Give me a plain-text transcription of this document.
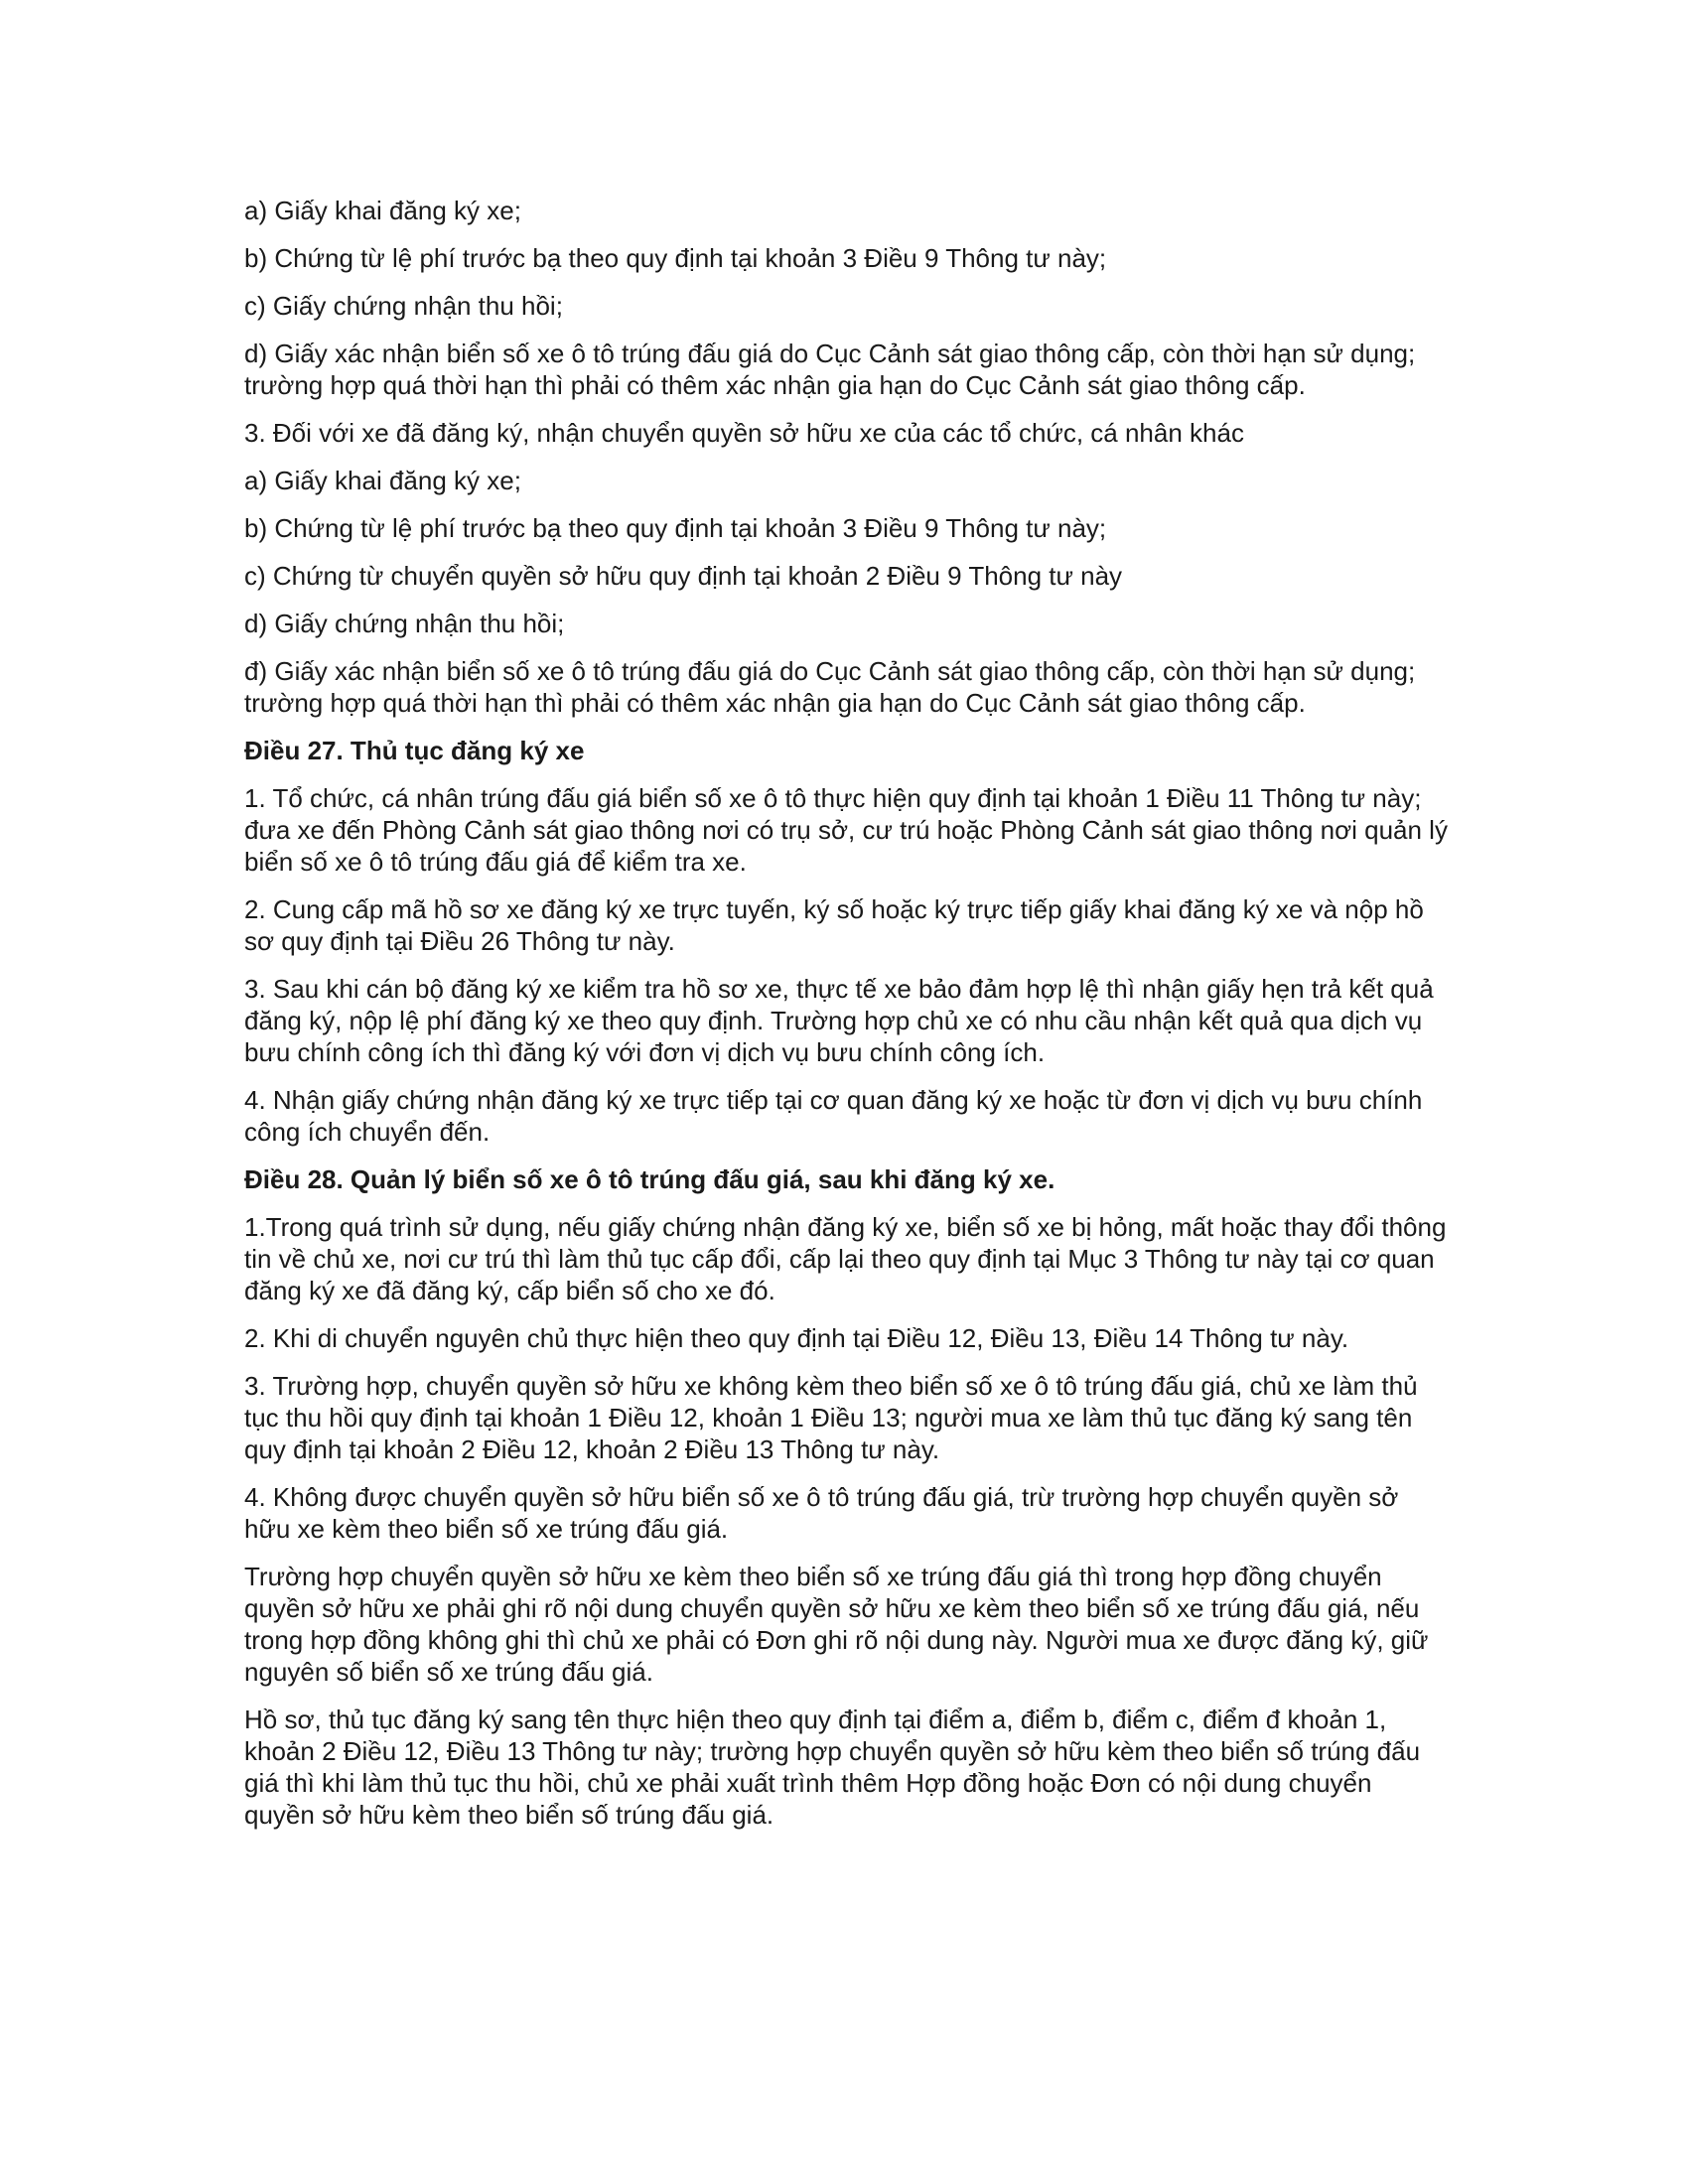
a) Giấy khai đăng ký xe;

b) Chứng từ lệ phí trước bạ theo quy định tại khoản 3 Điều 9 Thông tư này;

c) Giấy chứng nhận thu hồi;

d) Giấy xác nhận biển số xe ô tô trúng đấu giá do Cục Cảnh sát giao thông cấp, còn thời hạn sử dụng; trường hợp quá thời hạn thì phải có thêm xác nhận gia hạn do Cục Cảnh sát giao thông cấp.

3. Đối với xe đã đăng ký, nhận chuyển quyền sở hữu xe của các tổ chức, cá nhân khác

a) Giấy khai đăng ký xe;

b) Chứng từ lệ phí trước bạ theo quy định tại khoản 3 Điều 9 Thông tư này;

c) Chứng từ chuyển quyền sở hữu quy định tại khoản 2 Điều 9 Thông tư này

d) Giấy chứng nhận thu hồi;

đ) Giấy xác nhận biển số xe ô tô trúng đấu giá do Cục Cảnh sát giao thông cấp, còn thời hạn sử dụng; trường hợp quá thời hạn thì phải có thêm xác nhận gia hạn do Cục Cảnh sát giao thông cấp.

Điều 27. Thủ tục đăng ký xe

1. Tổ chức, cá nhân trúng đấu giá biển số xe ô tô thực hiện quy định tại khoản 1 Điều 11 Thông tư này; đưa xe đến Phòng Cảnh sát giao thông nơi có trụ sở, cư trú hoặc Phòng Cảnh sát giao thông nơi quản lý biển số xe ô tô trúng đấu giá để kiểm tra xe.

2. Cung cấp mã hồ sơ xe đăng ký xe trực tuyến, ký số hoặc ký trực tiếp giấy khai đăng ký xe và nộp hồ sơ quy định tại Điều 26 Thông tư này.

3. Sau khi cán bộ đăng ký xe kiểm tra hồ sơ xe, thực tế xe bảo đảm hợp lệ thì nhận giấy hẹn trả kết quả đăng ký, nộp lệ phí đăng ký xe theo quy định. Trường hợp chủ xe có nhu cầu nhận kết quả qua dịch vụ bưu chính công ích thì đăng ký với đơn vị dịch vụ bưu chính công ích.

4. Nhận giấy chứng nhận đăng ký xe trực tiếp tại cơ quan đăng ký xe hoặc từ đơn vị dịch vụ bưu chính công ích chuyển đến.

Điều 28. Quản lý biển số xe ô tô trúng đấu giá, sau khi đăng ký xe.

1.Trong quá trình sử dụng, nếu giấy chứng nhận đăng ký xe, biển số xe bị hỏng, mất hoặc thay đổi thông tin về chủ xe, nơi cư trú thì làm thủ tục cấp đổi, cấp lại theo quy định tại Mục 3 Thông tư này tại cơ quan đăng ký xe đã đăng ký, cấp biển số cho xe đó.

2. Khi di chuyển nguyên chủ thực hiện theo quy định tại Điều 12, Điều 13, Điều 14 Thông tư này.

3. Trường hợp, chuyển quyền sở hữu xe không kèm theo biển số xe ô tô trúng đấu giá, chủ xe làm thủ tục thu hồi quy định tại khoản 1 Điều 12, khoản 1 Điều 13; người mua xe làm thủ tục đăng ký sang tên quy định tại khoản 2 Điều 12, khoản 2 Điều 13 Thông tư này.

4. Không được chuyển quyền sở hữu biển số xe ô tô trúng đấu giá, trừ trường hợp chuyển quyền sở hữu xe kèm theo biển số xe trúng đấu giá.

Trường hợp chuyển quyền sở hữu xe kèm theo biển số xe trúng đấu giá thì trong hợp đồng chuyển quyền sở hữu xe phải ghi rõ nội dung chuyển quyền sở hữu xe kèm theo biển số xe trúng đấu giá, nếu trong hợp đồng không ghi thì chủ xe phải có Đơn ghi rõ nội dung này. Người mua xe được đăng ký, giữ nguyên số biển số xe trúng đấu giá.

Hồ sơ, thủ tục đăng ký sang tên thực hiện theo quy định tại điểm a, điểm b, điểm c, điểm đ khoản 1, khoản 2 Điều 12, Điều 13 Thông tư này; trường hợp chuyển quyền sở hữu kèm theo biển số trúng đấu giá thì khi làm thủ tục thu hồi, chủ xe phải xuất trình thêm Hợp đồng hoặc Đơn có nội dung chuyển quyền sở hữu kèm theo biển số trúng đấu giá.
